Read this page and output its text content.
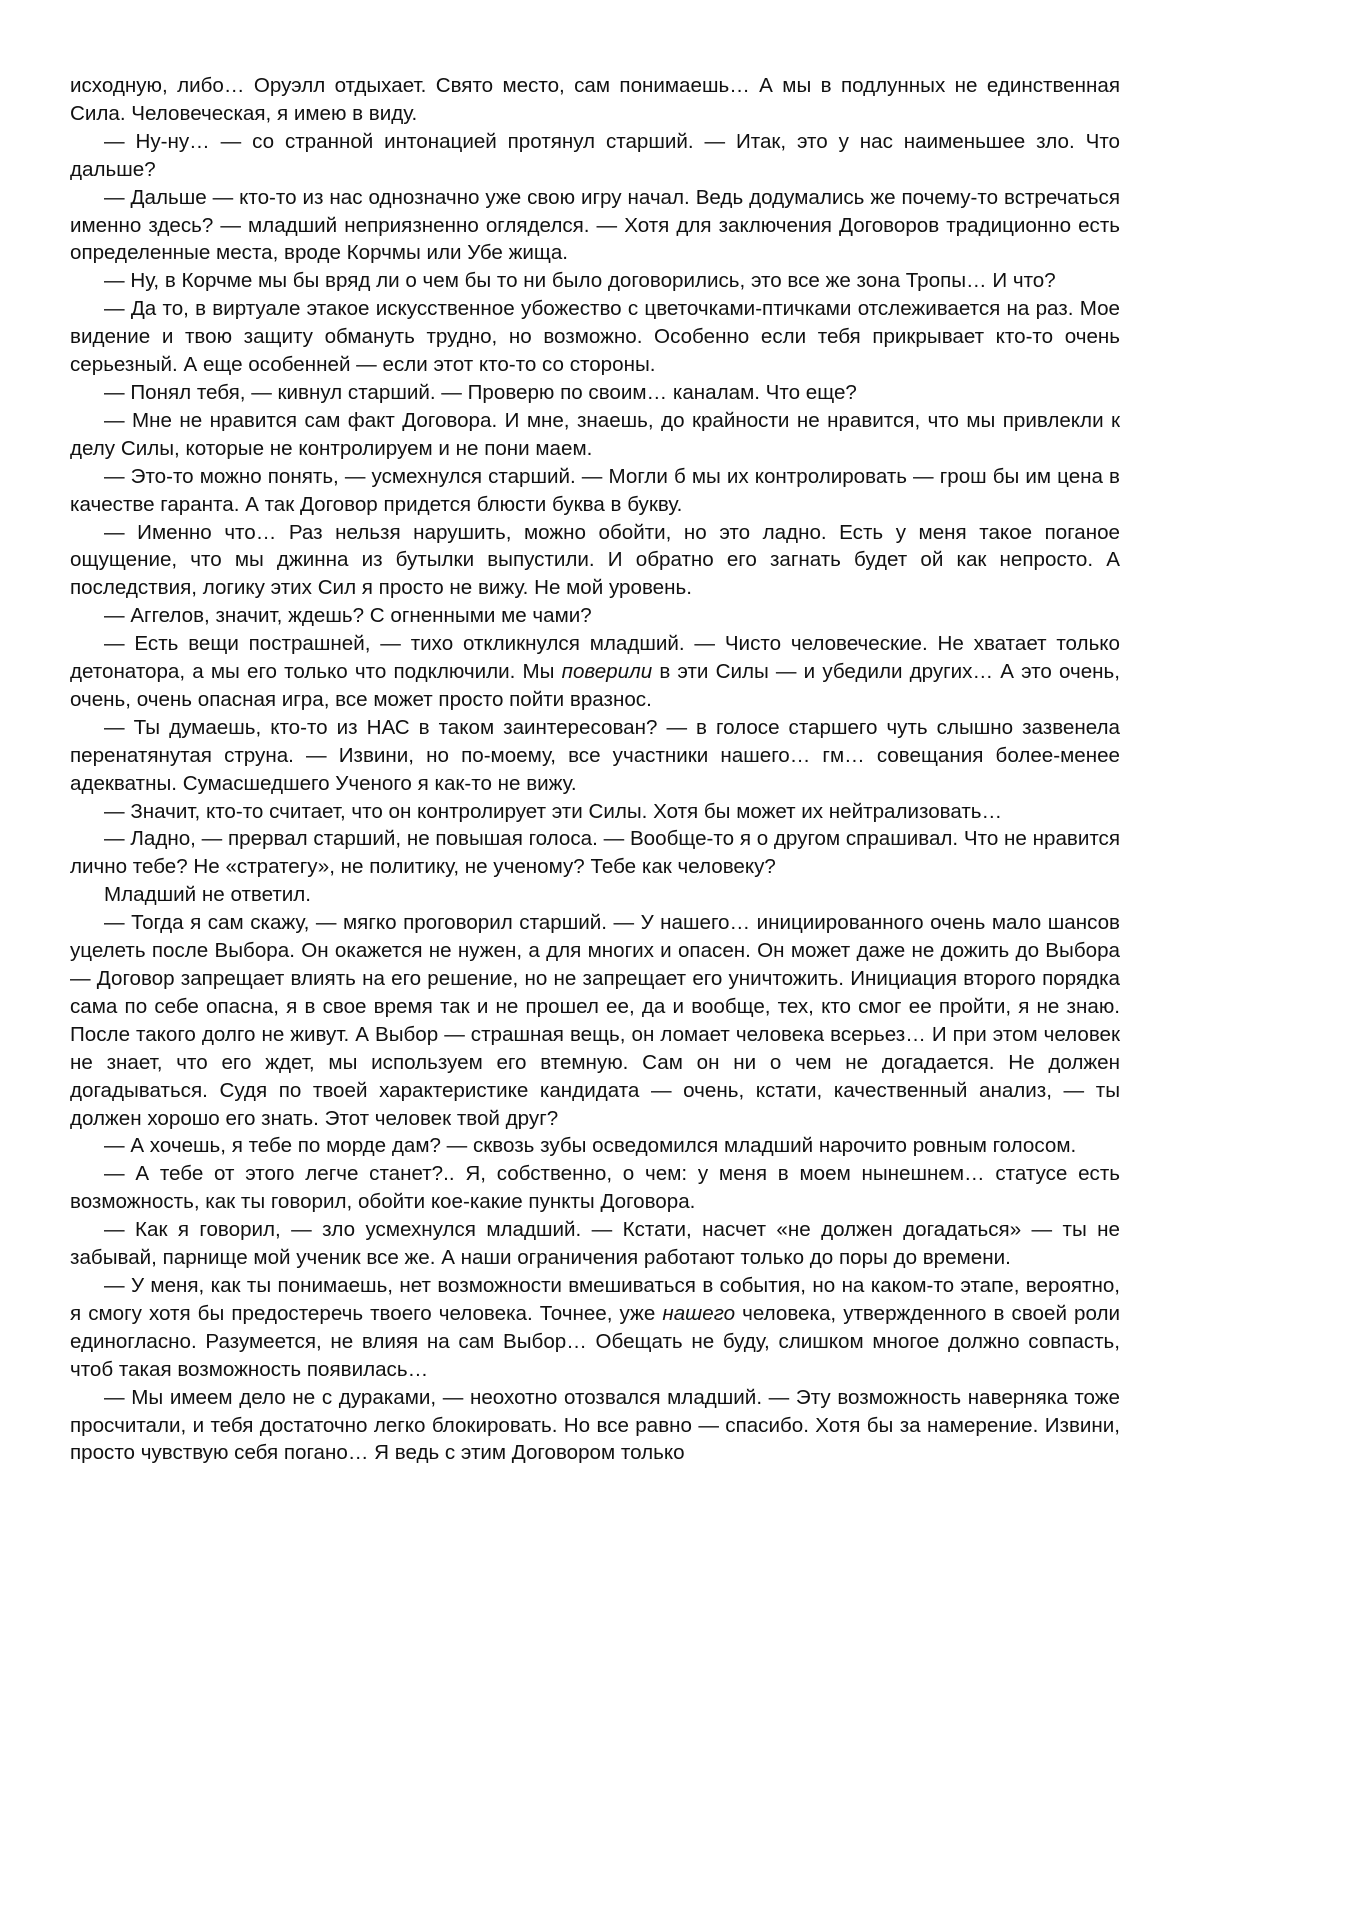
исходную, либо… Оруэлл отдыхает. Свято место, сам понимаешь… А мы в подлунных не единственная Сила. Человеческая, я имею в виду.

— Ну-ну… — со странной интонацией протянул старший. — Итак, это у нас наименьшее зло. Что дальше?

— Дальше — кто-то из нас однозначно уже свою игру начал. Ведь додумались же почему-то встречаться именно здесь? — младший неприязненно огляделся. — Хотя для заключения Договоров традиционно есть определенные места, вроде Корчмы или Убе жища.

— Ну, в Корчме мы бы вряд ли о чем бы то ни было договорились, это все же зона Тропы… И что?

— Да то, в виртуале этакое искусственное убожество с цветочками-птичками отслеживается на раз. Мое видение и твою защиту обмануть трудно, но возможно. Особенно если тебя прикрывает кто-то очень серьезный. А еще особенней — если этот кто-то со стороны.

— Понял тебя, — кивнул старший. — Проверю по своим… каналам. Что еще?

— Мне не нравится сам факт Договора. И мне, знаешь, до крайности не нравится, что мы привлекли к делу Силы, которые не контролируем и не пони маем.

— Это-то можно понять, — усмехнулся старший. — Могли б мы их контролировать — грош бы им цена в качестве гаранта. А так Договор придется блюсти буква в букву.

— Именно что… Раз нельзя нарушить, можно обойти, но это ладно. Есть у меня такое поганое ощущение, что мы джинна из бутылки выпустили. И обратно его загнать будет ой как непросто. А последствия, логику этих Сил я просто не вижу. Не мой уровень.

— Аггелов, значит, ждешь? С огненными ме чами?

— Есть вещи пострашней, — тихо откликнулся младший. — Чисто человеческие. Не хватает только детонатора, а мы его только что подключили. Мы поверили в эти Силы — и убедили других… А это очень, очень, очень опасная игра, все может просто пойти вразнос.

— Ты думаешь, кто-то из НАС в таком заинтересован? — в голосе старшего чуть слышно зазвенела перенатянутая струна. — Извини, но по-моему, все участники нашего… гм… совещания более-менее адекватны. Сумасшедшего Ученого я как-то не вижу.

— Значит, кто-то считает, что он контролирует эти Силы. Хотя бы может их нейтрализовать…

— Ладно, — прервал старший, не повышая голоса. — Вообще-то я о другом спрашивал. Что не нравится лично тебе? Не «стратегу», не политику, не ученому? Тебе как человеку?

Младший не ответил.

— Тогда я сам скажу, — мягко проговорил старший. — У нашего… инициированного очень мало шансов уцелеть после Выбора. Он окажется не нужен, а для многих и опасен. Он может даже не дожить до Выбора — Договор запрещает влиять на его решение, но не запрещает его уничтожить. Инициация второго порядка сама по себе опасна, я в свое время так и не прошел ее, да и вообще, тех, кто смог ее пройти, я не знаю. После такого долго не живут. А Выбор — страшная вещь, он ломает человека всерьез… И при этом человек не знает, что его ждет, мы используем его втемную. Сам он ни о чем не догадается. Не должен догадываться. Судя по твоей характеристике кандидата — очень, кстати, качественный анализ, — ты должен хорошо его знать. Этот человек твой друг?

— А хочешь, я тебе по морде дам? — сквозь зубы осведомился младший нарочито ровным голосом.

— А тебе от этого легче станет?.. Я, собственно, о чем: у меня в моем нынешнем… статусе есть возможность, как ты говорил, обойти кое-какие пункты Договора.

— Как я говорил, — зло усмехнулся младший. — Кстати, насчет «не должен догадаться» — ты не забывай, парнище мой ученик все же. А наши ограничения работают только до поры до времени.

— У меня, как ты понимаешь, нет возможности вмешиваться в события, но на каком-то этапе, вероятно, я смогу хотя бы предостеречь твоего человека. Точнее, уже нашего человека, утвержденного в своей роли единогласно. Разумеется, не влияя на сам Выбор… Обещать не буду, слишком многое должно совпасть, чтоб такая возможность появилась…

— Мы имеем дело не с дураками, — неохотно отозвался младший. — Эту возможность наверняка тоже просчитали, и тебя достаточно легко блокировать. Но все равно — спасибо. Хотя бы за намерение. Извини, просто чувствую себя погано… Я ведь с этим Договором только
